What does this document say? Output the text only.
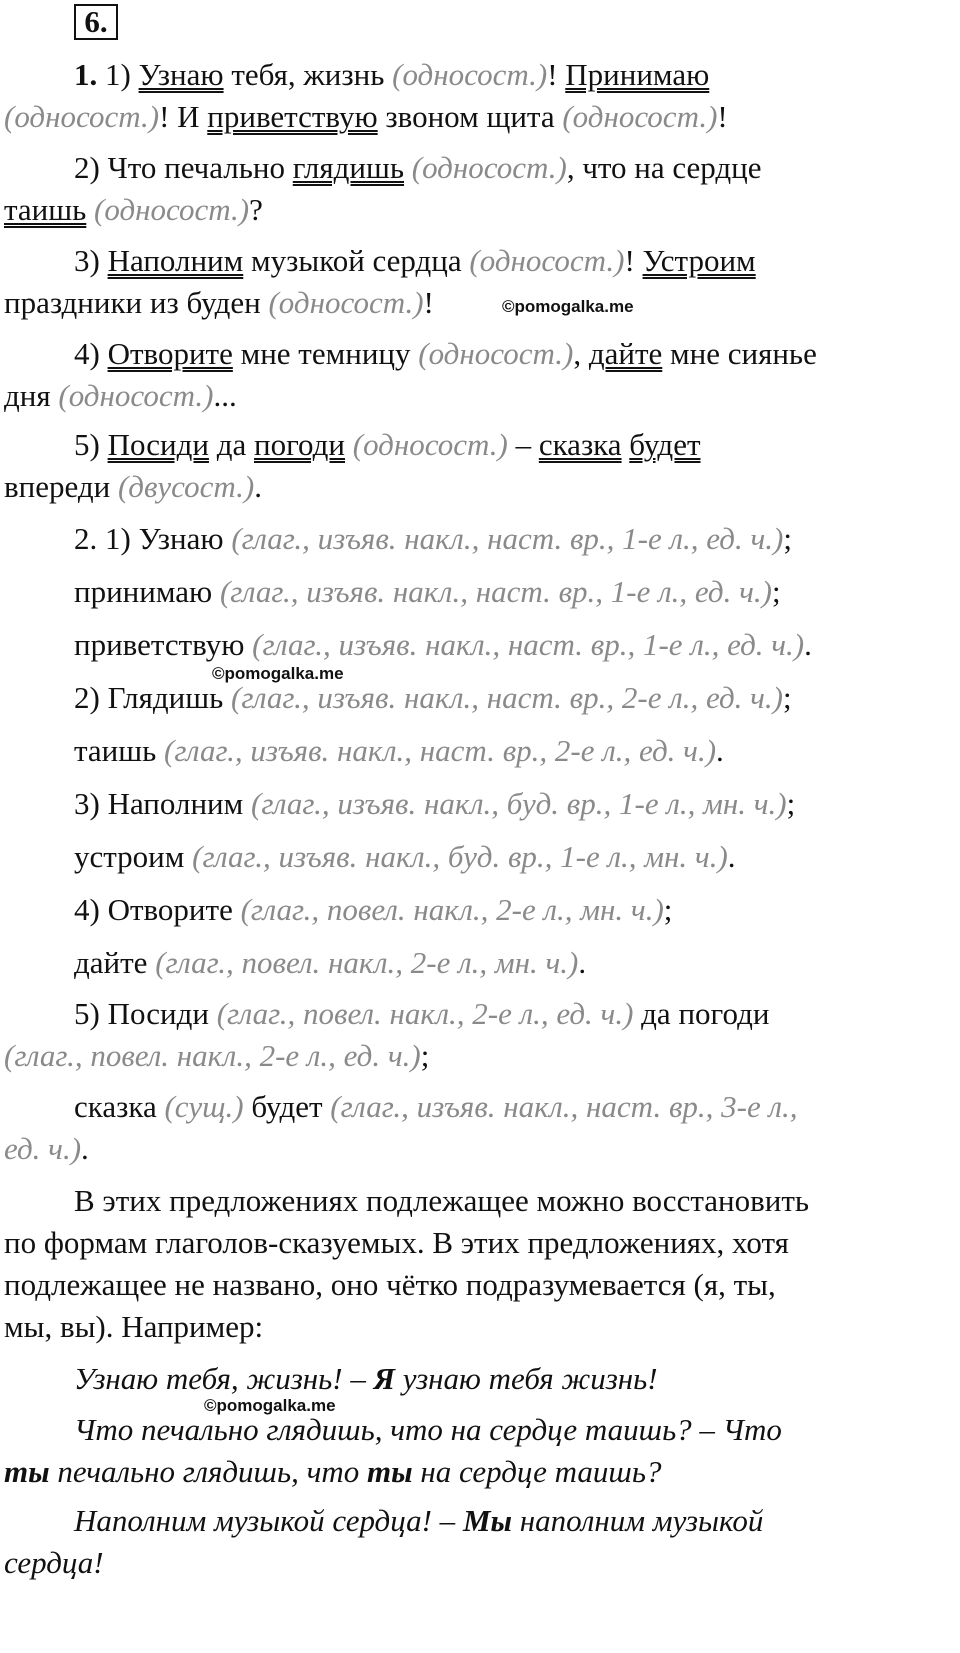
6.
1. 1) Узнаю тебя, жизнь (односост.)! Принимаю
(односост.)! И приветствую звоном щита (односост.)!
2) Что печально глядишь (односост.), что на сердце
таишь (односост.)?
3) Наполним музыкой сердца (односост.)! Устроим
праздники из буден (односост.)!	©pomogalka.me
4) Отворите мне темницу (односост.), дайте мне сиянье
дня (односост.)...
5) Посиди да погоди (односост.) – сказка будет
впереди (двусост.).
2. 1) Узнаю (глаг., изъяв. накл., наст. вр., 1-е л., ед. ч.);
принимаю (глаг., изъяв. накл., наст. вр., 1-е л., ед. ч.);
приветствую (глаг., изъяв. накл., наст. вр., 1-е л., ед. ч.).
©pomogalka.me
2) Глядишь (глаг., изъяв. накл., наст. вр., 2-е л., ед. ч.);
таишь (глаг., изъяв. накл., наст. вр., 2-е л., ед. ч.).
3) Наполним (глаг., изъяв. накл., буд. вр., 1-е л., мн. ч.);
устроим (глаг., изъяв. накл., буд. вр., 1-е л., мн. ч.).
4) Отворите (глаг., повел. накл., 2-е л., мн. ч.);
дайте (глаг., повел. накл., 2-е л., мн. ч.).
5) Посиди (глаг., повел. накл., 2-е л., ед. ч.) да погоди
(глаг., повел. накл., 2-е л., ед. ч.);
сказка (сущ.) будет (глаг., изъяв. накл., наст. вр., 3-е л.,
ед. ч.).
В этих предложениях подлежащее можно восстановить
по формам глаголов-сказуемых. В этих предложениях, хотя
подлежащее не названо, оно чётко подразумевается (я, ты,
мы, вы). Например:
Узнаю тебя, жизнь! – Я узнаю тебя жизнь!
©pomogalka.me
Что печально глядишь, что на сердце таишь? – Что
ты печально глядишь, что ты на сердце таишь?
Наполним музыкой сердца! – Мы наполним музыкой
сердца!
